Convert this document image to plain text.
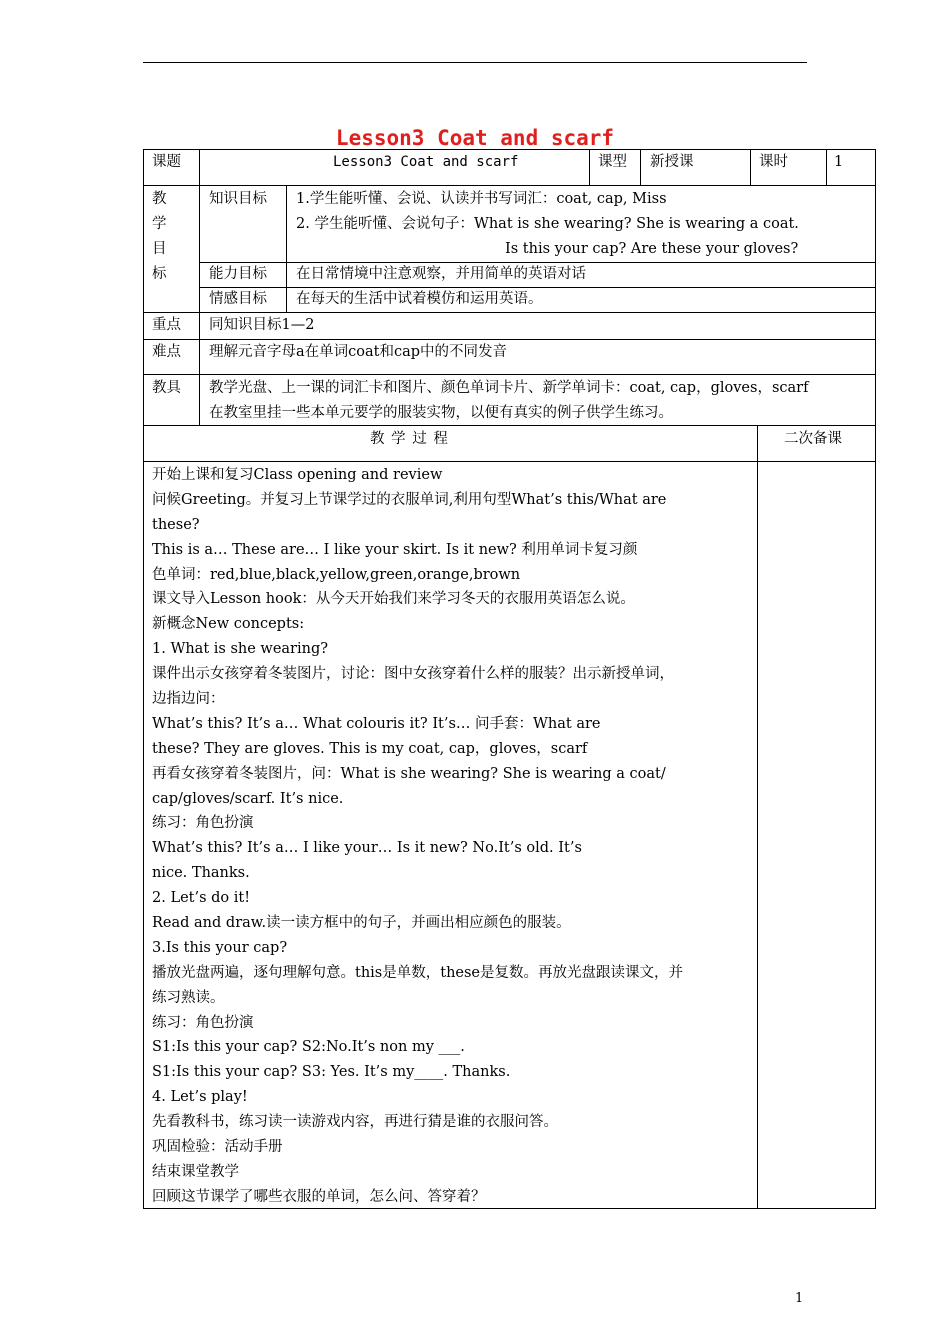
Lesson3 Coat and scarf
课题	Lesson3 Coat and scarf	课型 新授课	课时	1
教
学
目
标
知识目标 1.学生能听懂、会说、认读并书写词汇：coat, cap, Miss
2. 学生能听懂、会说句子：What is she wearing? She is wearing a coat.
Is this your cap? Are these your gloves?
能力目标 在日常情境中注意观察，并用简单的英语对话
情感目标 在每天的生活中试着模仿和运用英语。
重点 同知识目标1—2
难点 理解元音字母a在单词coat和cap中的不同发音
教具 教学光盘、上一课的词汇卡和图片、颜色单词卡片、新学单词卡：coat, cap，gloves，scarf
在教室里挂一些本单元要学的服装实物，以便有真实的例子供学生练习。
教 学 过 程	二次备课
开始上课和复习Class opening and review
问候Greeting。并复习上节课学过的衣服单词,利用句型What’s this/What are
these?
This is a… These are… I like your skirt. Is it new? 利用单词卡复习颜
色单词：red,blue,black,yellow,green,orange,brown
课文导入Lesson hook：从今天开始我们来学习冬天的衣服用英语怎么说。
新概念New concepts:
1. What is she wearing?
课件出示女孩穿着冬装图片，讨论：图中女孩穿着什么样的服装？出示新授单词，
边指边问：
What’s this? It’s a… What colouris it? It’s… 问手套：What are
these? They are gloves. This is my coat, cap，gloves，scarf
再看女孩穿着冬装图片，问：What is she wearing? She is wearing a coat/
cap/gloves/scarf. It’s nice.
练习：角色扮演
What’s this? It’s a… I like your… Is it new? No.It’s old. It’s
nice. Thanks.
2. Let’s do it!
Read and draw.读一读方框中的句子，并画出相应颜色的服装。
3.Is this your cap?
播放光盘两遍，逐句理解句意。this是单数，these是复数。再放光盘跟读课文，并
练习熟读。
练习：角色扮演
S1:Is this your cap? S2:No.It’s non my ___.
S1:Is this your cap? S3: Yes. It’s my____. Thanks.
4. Let’s play!
先看教科书，练习读一读游戏内容，再进行猜是谁的衣服问答。
巩固检验：活动手册
结束课堂教学
回顾这节课学了哪些衣服的单词，怎么问、答穿着？
1
